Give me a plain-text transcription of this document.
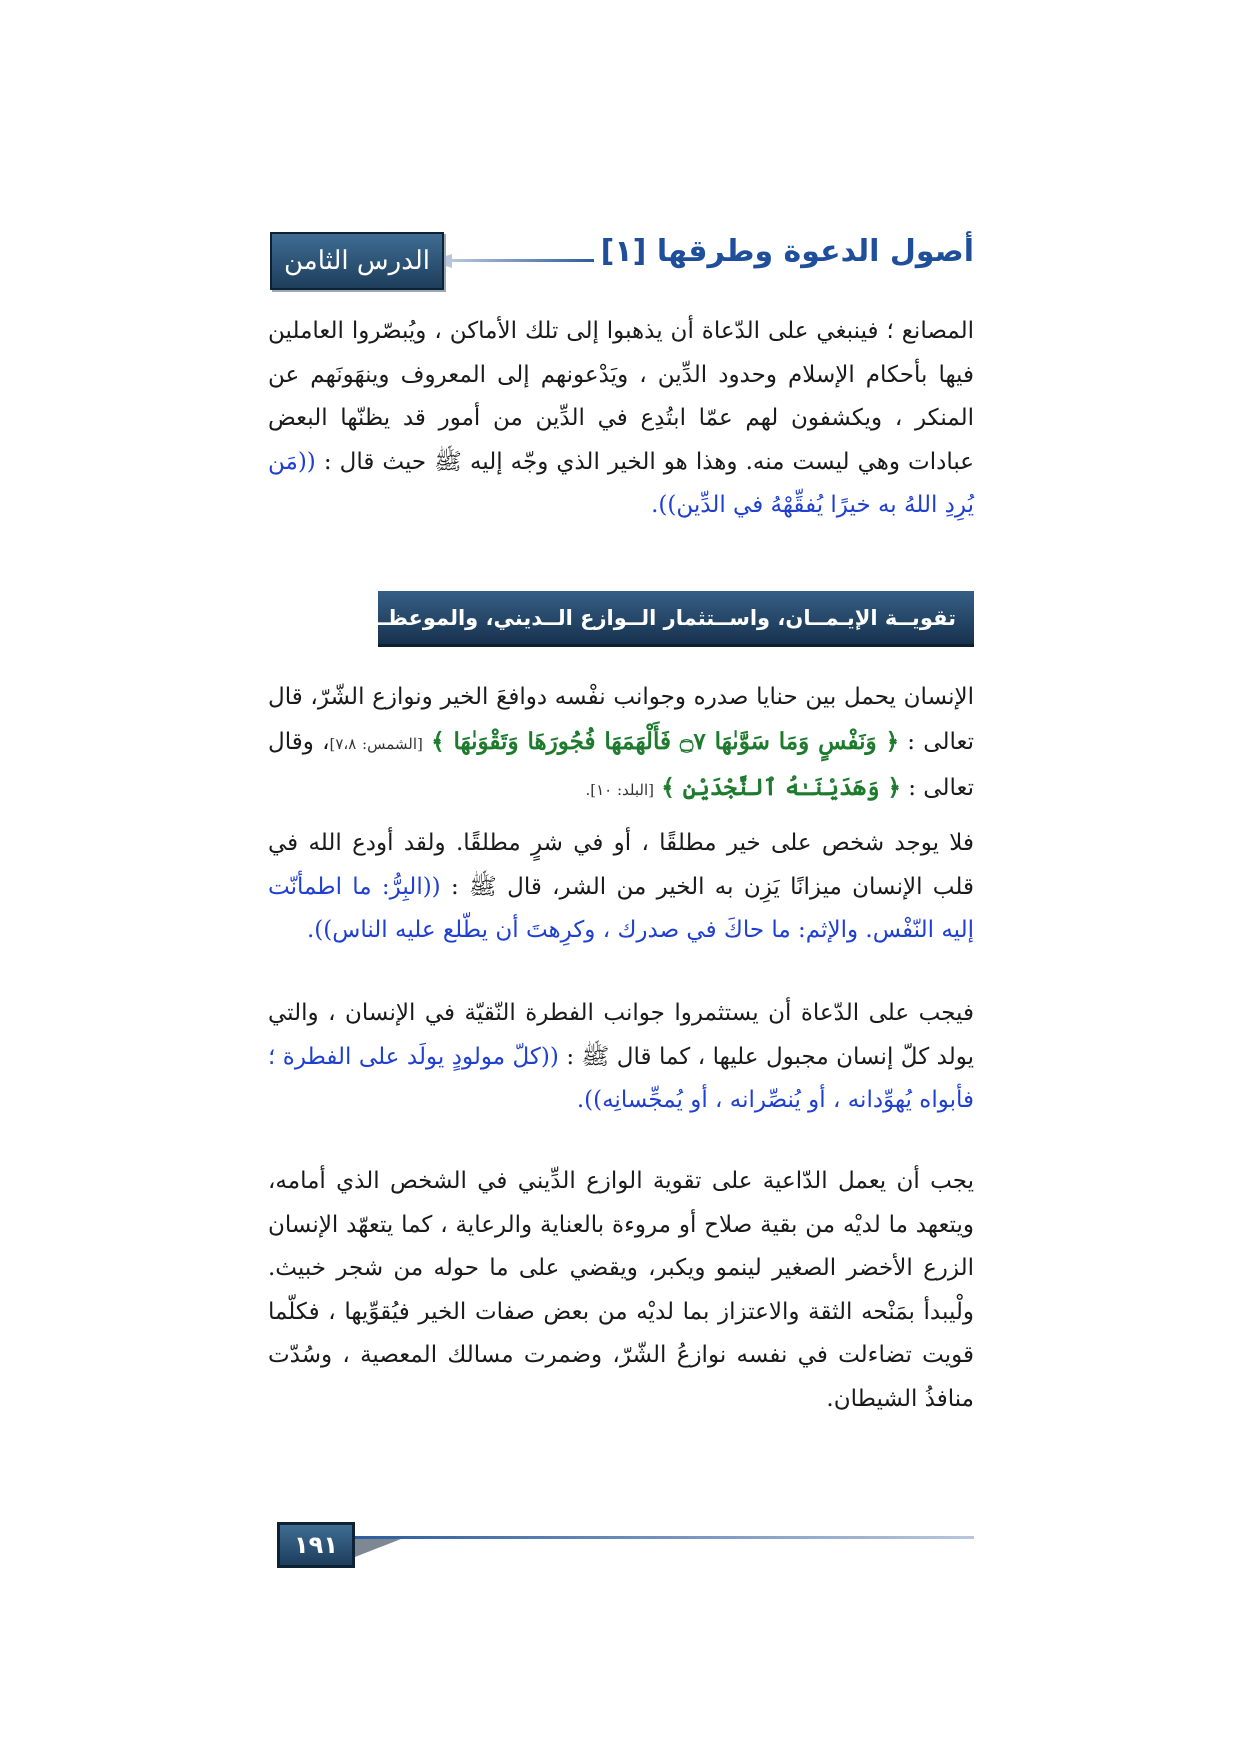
أصول الدعوة وطرقها [١]
الدرس الثامن

المصانع ؛ فينبغي على الدّعاة أن يذهبوا إلى تلك الأماكن ، ويُبصّروا العاملين فيها بأحكام الإسلام وحدود الدِّين ، ويَدْعونهم إلى المعروف وينهَونَهم عن المنكر ، ويكشفون لهم عمّا ابتُدِع في الدِّين من أمور قد يظنّها البعض عبادات وهي ليست منه. وهذا هو الخير الذي وجّه إليه ﷺ حيث قال : ((مَن يُرِدِ اللهُ به خيرًا يُفقِّهْهُ في الدِّين)).

تقويــة الإيـمــان، واســتثمار الــوازع الــديني، والموعظــة الحســنة

الإنسان يحمل بين حنايا صدره وجوانب نفْسه دوافعَ الخير ونوازع الشّرّ، قال تعالى : ﴿ وَنَفْسٍ وَمَا سَوَّىٰهَا ۝٧ فَأَلْهَمَهَا فُجُورَهَا وَتَقْوَىٰهَا ﴾ [الشمس: ٧،٨]، وقال تعالى : ﴿ وَهَدَيْنَـٰهُ ٱلنَّجْدَيْنِ ﴾ [البلد: ١٠].

فلا يوجد شخص على خير مطلقًا ، أو في شرٍ مطلقًا. ولقد أودع الله في قلب الإنسان ميزانًا يَزِن به الخير من الشر، قال ﷺ : ((البِرُّ: ما اطمأنّت إليه النّفْس. والإثم: ما حاكَ في صدرك ، وكرِهتَ أن يطّلع عليه الناس)).

فيجب على الدّعاة أن يستثمروا جوانب الفطرة النّقيّة في الإنسان ، والتي يولد كلّ إنسان مجبول عليها ، كما قال ﷺ : ((كلّ مولودٍ يولَد على الفطرة ؛ فأبواه يُهوِّدانه ، أو يُنصِّرانه ، أو يُمجِّسانِه)).

يجب أن يعمل الدّاعية على تقوية الوازع الدِّيني في الشخص الذي أمامه، ويتعهد ما لديْه من بقية صلاح أو مروءة بالعناية والرعاية ، كما يتعهّد الإنسان الزرع الأخضر الصغير لينمو ويكبر، ويقضي على ما حوله من شجر خبيث. ولْيبدأ بمَنْحه الثقة والاعتزاز بما لديْه من بعض صفات الخير فيُقوِّيها ، فكلّما قويت تضاءلت في نفسه نوازعُ الشّرّ، وضمرت مسالك المعصية ، وسُدّت منافذُ الشيطان.

١٩١
